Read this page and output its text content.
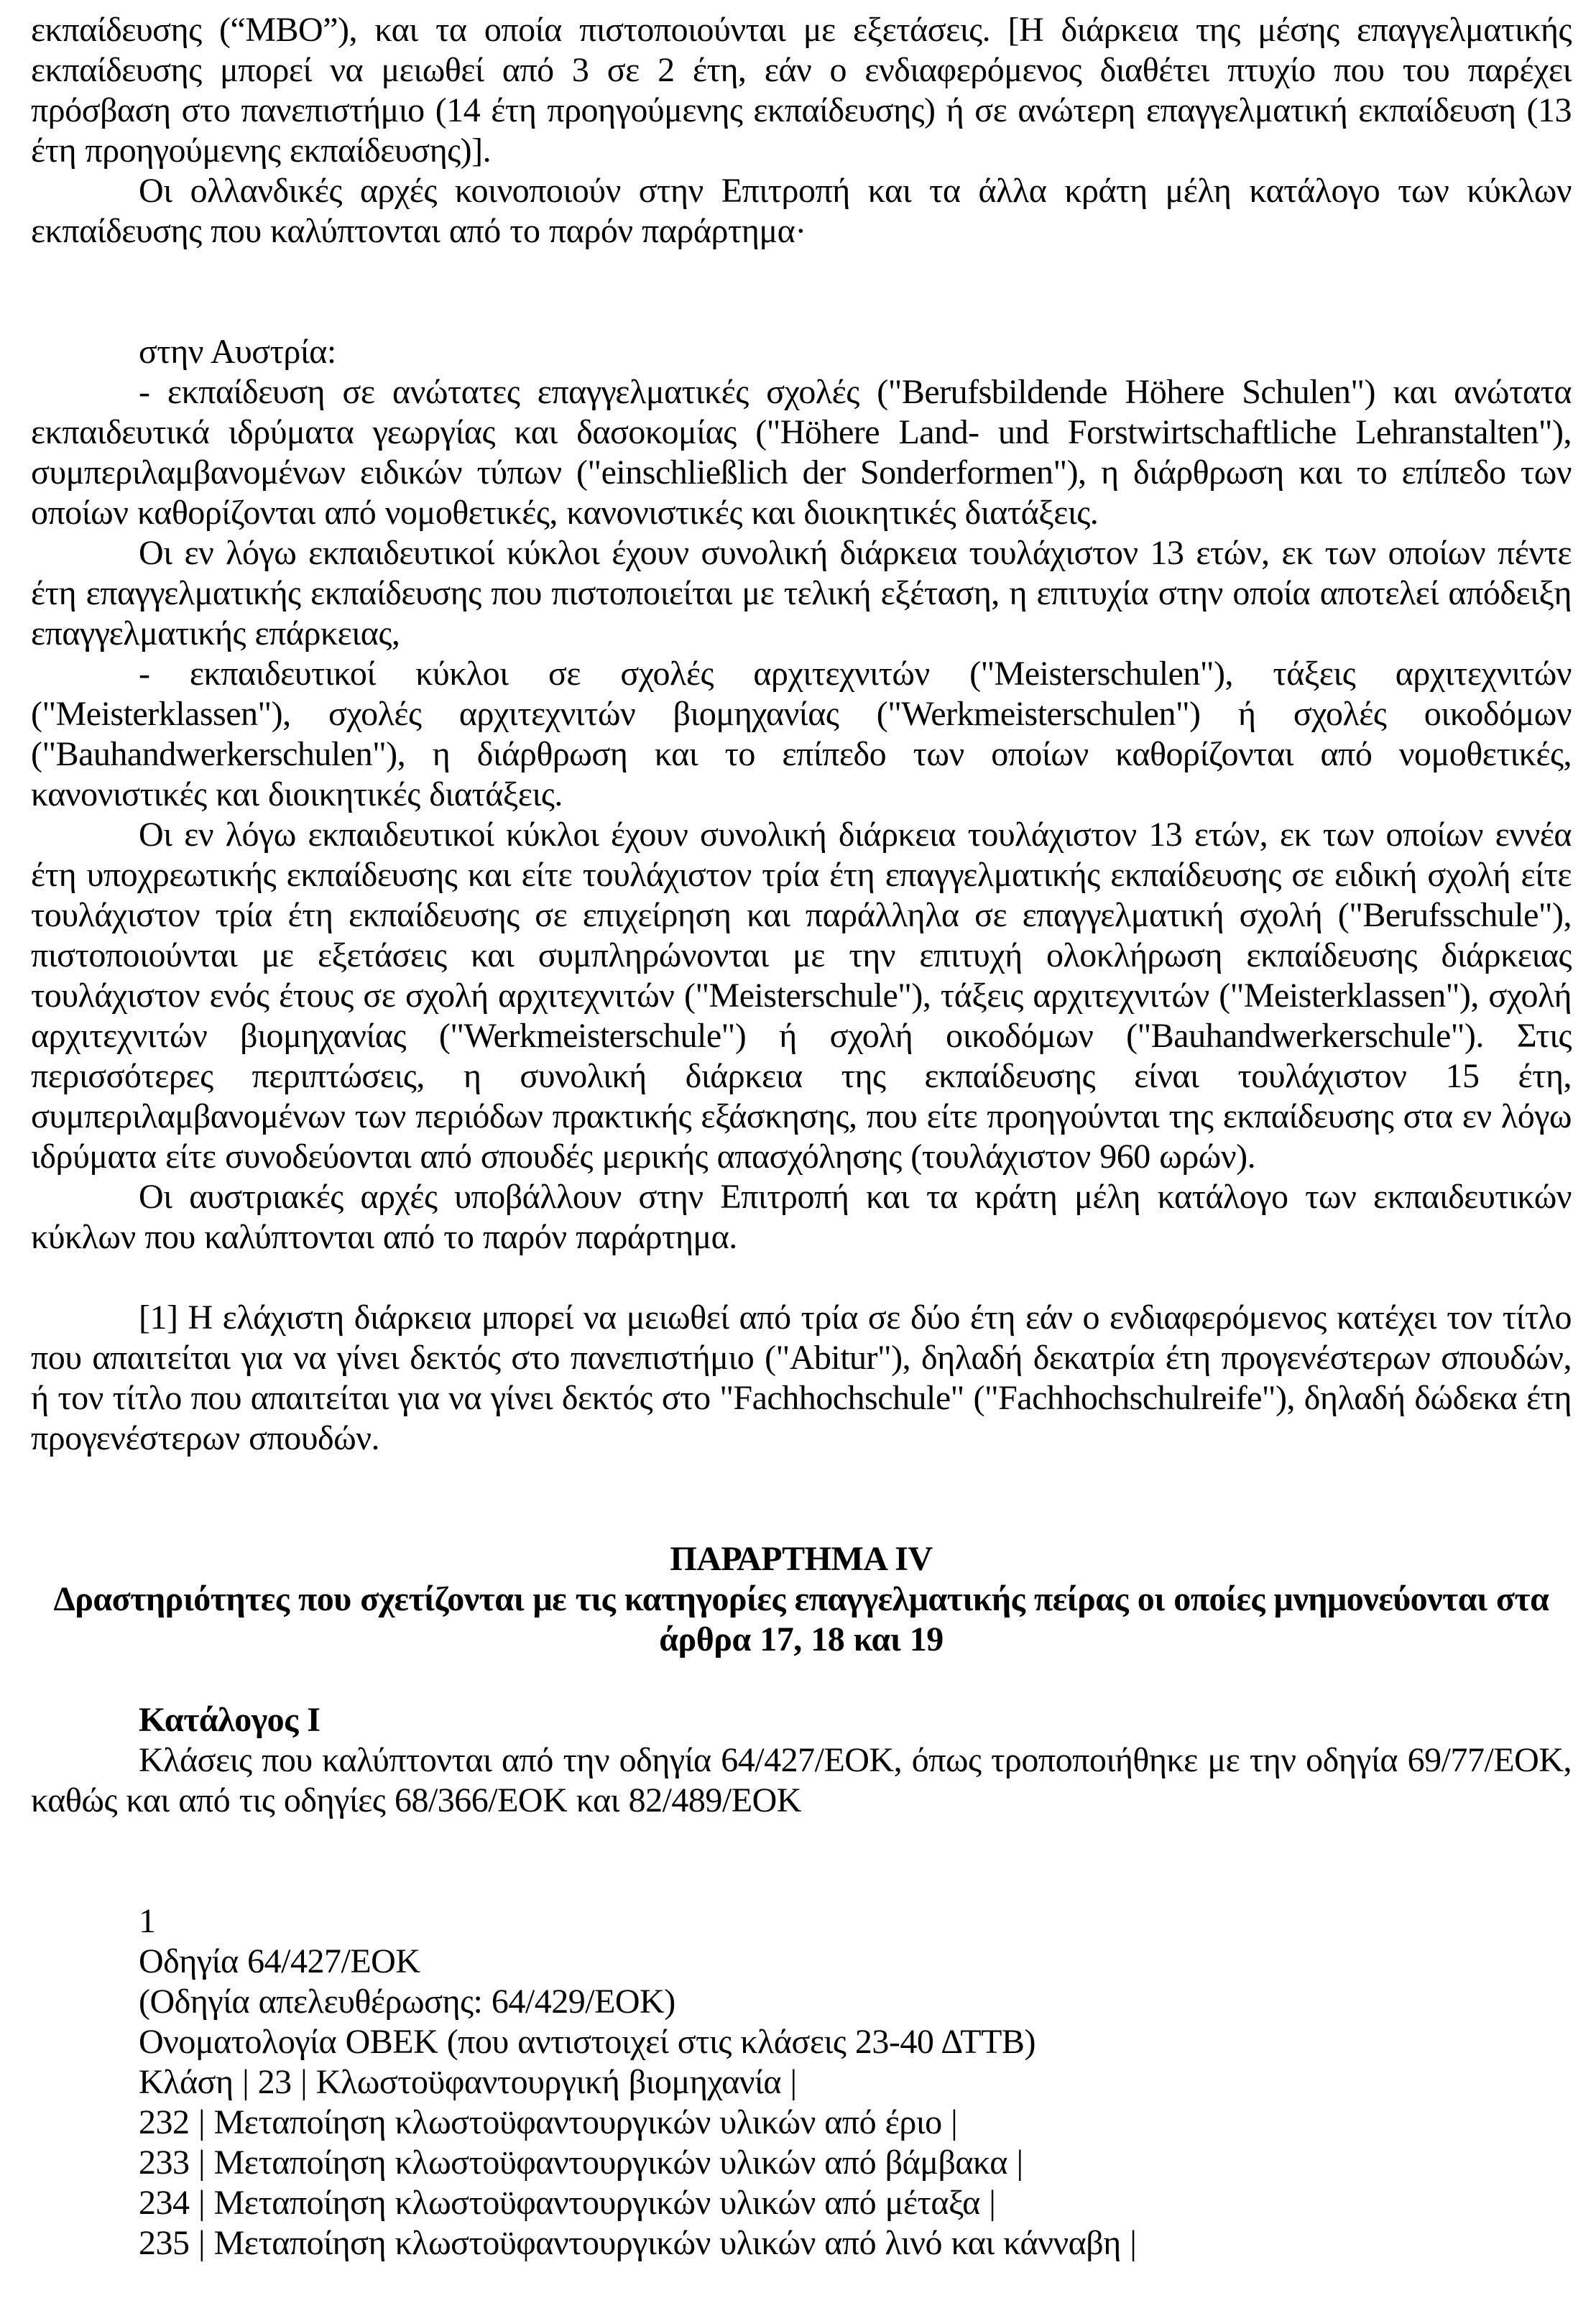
εκπαίδευσης (“MBO”), και τα οποία πιστοποιούνται με εξετάσεις. [Η διάρκεια της μέσης επαγγελματικής εκπαίδευσης μπορεί να μειωθεί από 3 σε 2 έτη, εάν ο ενδιαφερόμενος διαθέτει πτυχίο που του παρέχει πρόσβαση στο πανεπιστήμιο (14 έτη προηγούμενης εκπαίδευσης) ή σε ανώτερη επαγγελματική εκπαίδευση (13 έτη προηγούμενης εκπαίδευσης)].

Οι ολλανδικές αρχές κοινοποιούν στην Επιτροπή και τα άλλα κράτη μέλη κατάλογο των κύκλων εκπαίδευσης που καλύπτονται από το παρόν παράρτημα·

στην Αυστρία:

- εκπαίδευση σε ανώτατες επαγγελματικές σχολές ("Berufsbildende Höhere Schulen") και ανώτατα εκπαιδευτικά ιδρύματα γεωργίας και δασοκομίας ("Höhere Land- und Forstwirtschaftliche Lehranstalten"), συμπεριλαμβανομένων ειδικών τύπων ("einschließlich der Sonderformen"), η διάρθρωση και το επίπεδο των οποίων καθορίζονται από νομοθετικές, κανονιστικές και διοικητικές διατάξεις.

Οι εν λόγω εκπαιδευτικοί κύκλοι έχουν συνολική διάρκεια τουλάχιστον 13 ετών, εκ των οποίων πέντε έτη επαγγελματικής εκπαίδευσης που πιστοποιείται με τελική εξέταση, η επιτυχία στην οποία αποτελεί απόδειξη επαγγελματικής επάρκειας,

- εκπαιδευτικοί κύκλοι σε σχολές αρχιτεχνιτών ("Meisterschulen"), τάξεις αρχιτεχνιτών ("Meisterklassen"), σχολές αρχιτεχνιτών βιομηχανίας ("Werkmeisterschulen") ή σχολές οικοδόμων ("Bauhandwerkerschulen"), η διάρθρωση και το επίπεδο των οποίων καθορίζονται από νομοθετικές, κανονιστικές και διοικητικές διατάξεις.

Οι εν λόγω εκπαιδευτικοί κύκλοι έχουν συνολική διάρκεια τουλάχιστον 13 ετών, εκ των οποίων εννέα έτη υποχρεωτικής εκπαίδευσης και είτε τουλάχιστον τρία έτη επαγγελματικής εκπαίδευσης σε ειδική σχολή είτε τουλάχιστον τρία έτη εκπαίδευσης σε επιχείρηση και παράλληλα σε επαγγελματική σχολή ("Berufsschule"), πιστοποιούνται με εξετάσεις και συμπληρώνονται με την επιτυχή ολοκλήρωση εκπαίδευσης διάρκειας τουλάχιστον ενός έτους σε σχολή αρχιτεχνιτών ("Meisterschule"), τάξεις αρχιτεχνιτών ("Meisterklassen"), σχολή αρχιτεχνιτών βιομηχανίας ("Werkmeisterschule") ή σχολή οικοδόμων ("Bauhandwerkerschule"). Στις περισσότερες περιπτώσεις, η συνολική διάρκεια της εκπαίδευσης είναι τουλάχιστον 15 έτη, συμπεριλαμβανομένων των περιόδων πρακτικής εξάσκησης, που είτε προηγούνται της εκπαίδευσης στα εν λόγω ιδρύματα είτε συνοδεύονται από σπουδές μερικής απασχόλησης (τουλάχιστον 960 ωρών).

Οι αυστριακές αρχές υποβάλλουν στην Επιτροπή και τα κράτη μέλη κατάλογο των εκπαιδευτικών κύκλων που καλύπτονται από το παρόν παράρτημα.

[1] Η ελάχιστη διάρκεια μπορεί να μειωθεί από τρία σε δύο έτη εάν ο ενδιαφερόμενος κατέχει τον τίτλο που απαιτείται για να γίνει δεκτός στο πανεπιστήμιο ("Abitur"), δηλαδή δεκατρία έτη προγενέστερων σπουδών, ή τον τίτλο που απαιτείται για να γίνει δεκτός στο "Fachhochschule" ("Fachhochschulreife"), δηλαδή δώδεκα έτη προγενέστερων σπουδών.

ΠΑΡΑΡΤΗΜΑ IV

Δραστηριότητες που σχετίζονται με τις κατηγορίες επαγγελματικής πείρας οι οποίες μνημονεύονται στα άρθρα 17, 18 και 19

Κατάλογος I

Κλάσεις που καλύπτονται από την οδηγία 64/427/ΕΟΚ, όπως τροποποιήθηκε με την οδηγία 69/77/ΕΟΚ, καθώς και από τις οδηγίες 68/366/ΕΟΚ και 82/489/ΕΟΚ

1

Οδηγία 64/427/ΕΟΚ

(Οδηγία απελευθέρωσης: 64/429/ΕΟΚ)

Ονοματολογία ΟΒΕΚ (που αντιστοιχεί στις κλάσεις 23-40 ΔΤΤΒ)

Κλάση | 23 | Κλωστοϋφαντουργική βιομηχανία |

232 | Μεταποίηση κλωστοϋφαντουργικών υλικών από έριο |

233 | Μεταποίηση κλωστοϋφαντουργικών υλικών από βάμβακα |

234 | Μεταποίηση κλωστοϋφαντουργικών υλικών από μέταξα |

235 | Μεταποίηση κλωστοϋφαντουργικών υλικών από λινό και κάνναβη |
